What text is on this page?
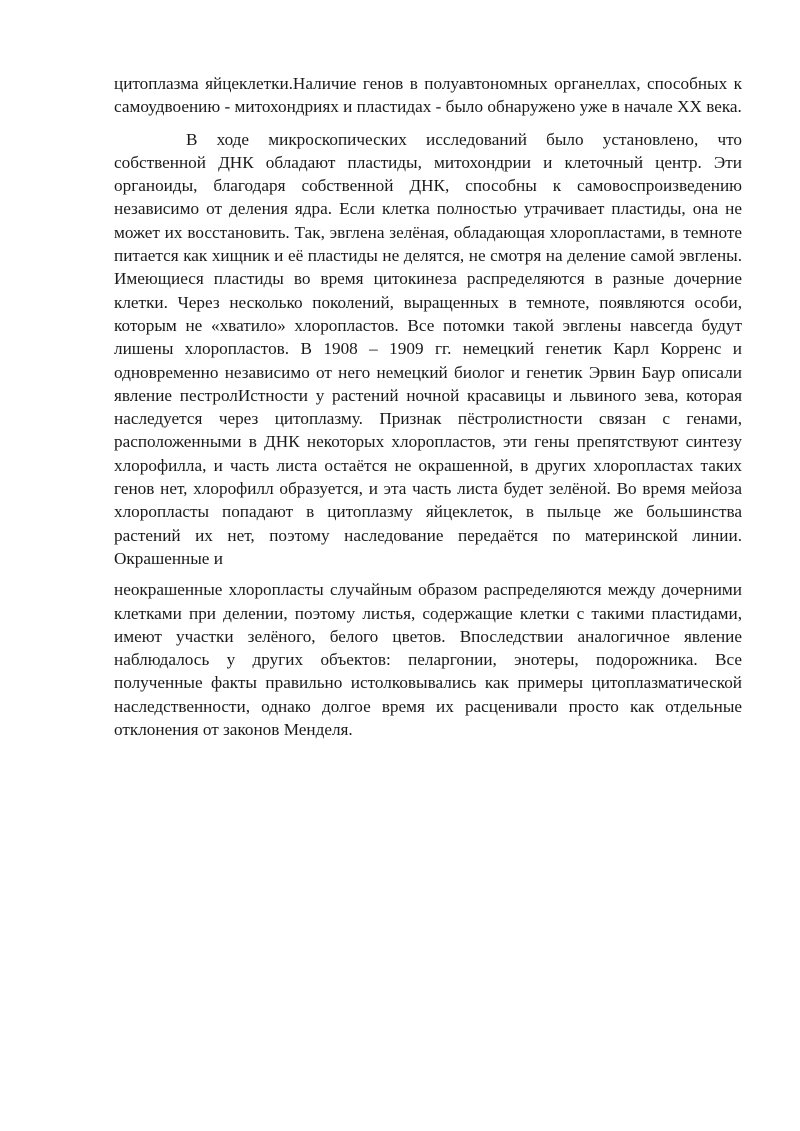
цитоплазма яйцеклетки.Наличие генов в полуавтономных органеллах, способных к самоудвоению - митохондриях и пластидах - было обнаружено уже в начале XX века.

В ходе микроскопических исследований было установлено, что собственной ДНК обладают пластиды, митохондрии и клеточный центр. Эти органоиды, благодаря собственной ДНК, способны к самовоспроизведению независимо от деления ядра. Если клетка полностью утрачивает пластиды, она не может их восстановить. Так, эвглена зелёная, обладающая хлоропластами, в темноте питается как хищник и её пластиды не делятся, не смотря на деление самой эвглены. Имеющиеся пластиды во время цитокинеза распределяются в разные дочерние клетки. Через несколько поколений, выращенных в темноте, появляются особи, которым не «хватило» хлоропластов. Все потомки такой эвглены навсегда будут лишены хлоропластов. В 1908 – 1909 гг. немецкий генетик Карл Корренс и одновременно независимо от него немецкий биолог и генетик Эрвин Баур описали явление пестролИстности у растений ночной красавицы и львиного зева, которая наследуется через цитоплазму. Признак пёстролистности связан с генами, расположенными в ДНК некоторых хлоропластов, эти гены препятствуют синтезу хлорофилла, и часть листа остаётся не окрашенной, в других хлоропластах таких генов нет, хлорофилл образуется, и эта часть листа будет зелёной. Во время мейоза хлоропласты попадают в цитоплазму яйцеклеток, в пыльце же большинства растений их нет, поэтому наследование передаётся по материнской линии. Окрашенные и

неокрашенные хлоропласты случайным образом распределяются между дочерними клетками при делении, поэтому листья, содержащие клетки с такими пластидами, имеют участки зелёного, белого цветов. Впоследствии аналогичное явление наблюдалось у других объектов: пеларгонии, энотеры, подорожника. Все полученные факты правильно истолковывались как примеры цитоплазматической наследственности, однако долгое время их расценивали просто как отдельные отклонения от законов Менделя.
